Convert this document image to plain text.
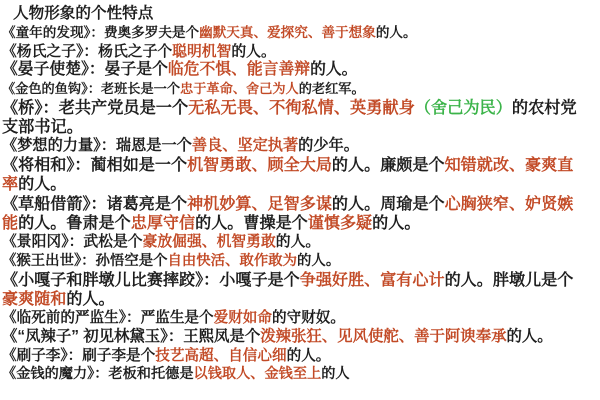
人物形象的个性特点

《童年的发现》：费奥多罗夫是个幽默天真、爱探究、善于想象的人。

《杨氏之子》：杨氏之子个聪明机智的人。

《晏子使楚》：晏子是个临危不惧、能言善辩的人。

《金色的鱼钩》：老班长是一个忠于革命、舍己为人的老红军。

《桥》：老共产党员是一个无私无畏、不徇私情、英勇献身（舍己为民）的农村党支部书记。

《梦想的力量》：瑞恩是一个善良、坚定执著的少年。

《将相和》：蔺相如是一个机智勇敢、顾全大局的人。廉颇是个知错就改、豪爽直率的人。

《草船借箭》：诸葛亮是个神机妙算、足智多谋的人。周瑜是个心胸狭窄、妒贤嫉能的人。鲁肃是个忠厚守信的人。曹操是个谨慎多疑的人。

《景阳冈》：武松是个豪放倔强、机智勇敢的人。

《猴王出世》：孙悟空是个自由快活、敢作敢为的人。

《小嘎子和胖墩儿比赛摔跤》：小嘎子是个争强好胜、富有心计的人。胖墩儿是个豪爽随和的人。

《临死前的严监生》：严监生是个爱财如命的守财奴。

《“凤辣子” 初见林黛玉》：王熙凤是个泼辣张狂、见风使舵、善于阿谀奉承的人。

《刷子李》：刷子李是个技艺高超、自信心细的人。

《金钱的魔力》：老板和托德是以钱取人、金钱至上的人
